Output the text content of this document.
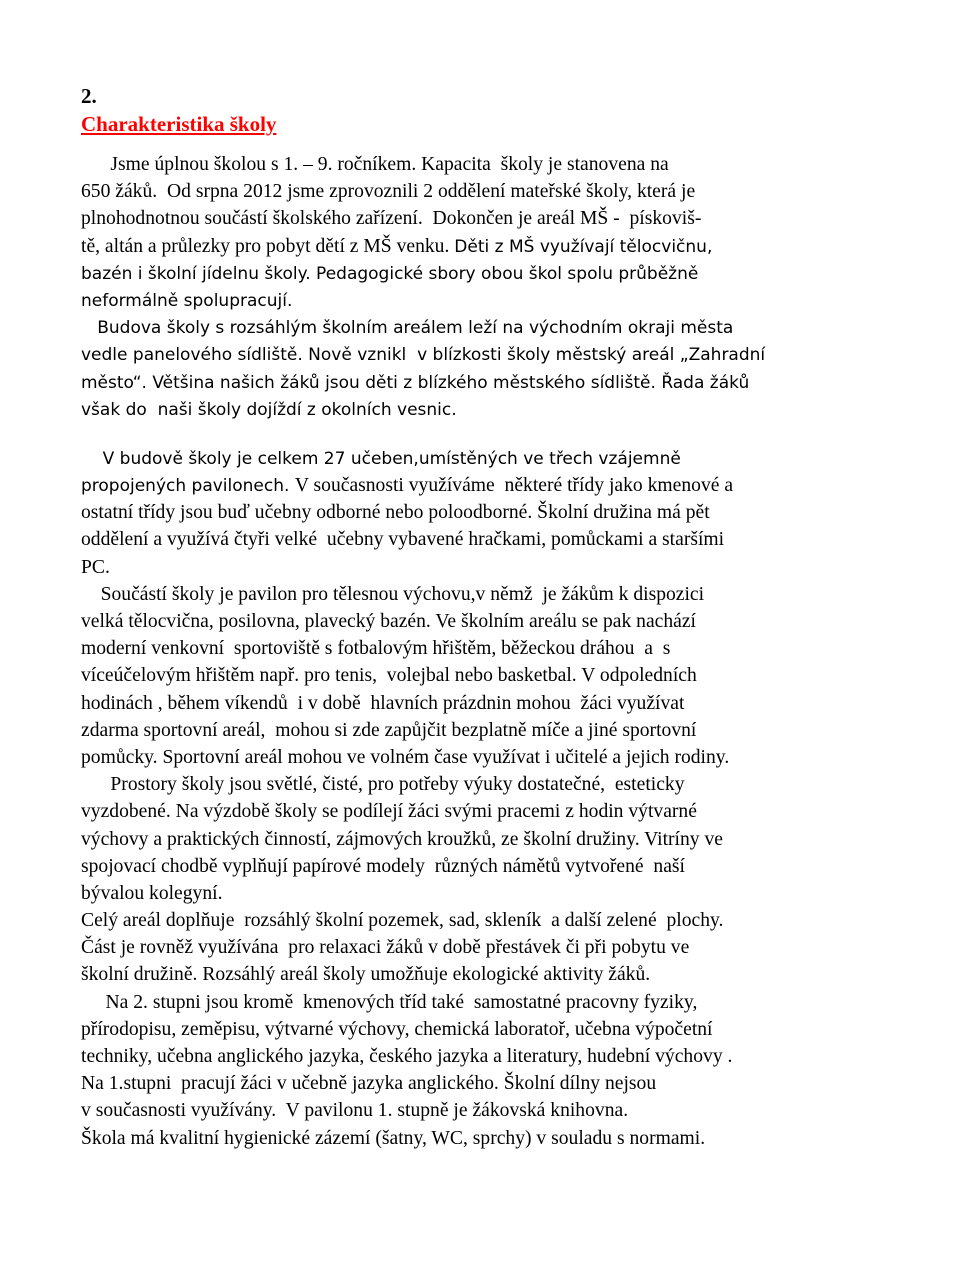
2.
Charakteristika školy
Jsme úplnou školou s 1. – 9. ročníkem. Kapacita  školy je stanovena na
650 žáků.  Od srpna 2012 jsme zprovoznili 2 oddělení mateřské školy, která je
plnohodnotnou součástí školského zařízení.  Dokončen je areál MŠ -  pískoviš-
tě, altán a průlezky pro pobyt dětí z MŠ venku. Děti z MŠ využívají tělocvičnu,
bazén i školní jídelnu školy. Pedagogické sbory obou škol spolu průběžně
neformálně spolupracují.
Budova školy s rozsáhlým školním areálem leží na východním okraji města
vedle panelového sídliště. Nově vznikl  v blízkosti školy městský areál „Zahradní
město“. Většina našich žáků jsou děti z blízkého městského sídliště. Řada žáků
však do  naši školy dojíždí z okolních vesnic.
V budově školy je celkem 27 učeben,umístěných ve třech vzájemně
propojených pavilonech. V současnosti využíváme  některé třídy jako kmenové a
ostatní třídy jsou buď učebny odborné nebo poloodborné. Školní družina má pět
oddělení a využívá čtyři velké  učebny vybavené hračkami, pomůckami a staršími
PC.
Součástí školy je pavilon pro tělesnou výchovu,v němž  je žákům k dispozici
velká tělocvična, posilovna, plavecký bazén. Ve školním areálu se pak nachází
moderní venkovní  sportoviště s fotbalovým hřištěm, běžeckou dráhou  a  s
víceúčelovým hřištěm např. pro tenis,  volejbal nebo basketbal. V odpoledních
hodinách , během víkendů  i v době  hlavních prázdnin mohou  žáci využívat
zdarma sportovní areál,  mohou si zde zapůjčit bezplatně míče a jiné sportovní
pomůcky. Sportovní areál mohou ve volném čase využívat i učitelé a jejich rodiny.
Prostory školy jsou světlé, čisté, pro potřeby výuky dostatečné,  esteticky
vyzdobené. Na výzdobě školy se podílejí žáci svými pracemi z hodin výtvarné
výchovy a praktických činností, zájmových kroužků, ze školní družiny. Vitríny ve
spojovací chodbě vyplňují papírové modely  různých námětů vytvořené  naší
bývalou kolegyní.
Celý areál doplňuje  rozsáhlý školní pozemek, sad, skleník  a další zelené  plochy.
Část je rovněž využívána  pro relaxaci žáků v době přestávek či při pobytu ve
školní družině. Rozsáhlý areál školy umožňuje ekologické aktivity žáků.
Na 2. stupni jsou kromě  kmenových tříd také  samostatné pracovny fyziky,
přírodopisu, zeměpisu, výtvarné výchovy, chemická laboratoř, učebna výpočetní
techniky, učebna anglického jazyka, českého jazyka a literatury, hudební výchovy .
Na 1.stupni  pracují žáci v učebně jazyka anglického. Školní dílny nejsou
v současnosti využívány.  V pavilonu 1. stupně je žákovská knihovna.
Škola má kvalitní hygienické zázemí (šatny, WC, sprchy) v souladu s normami.
